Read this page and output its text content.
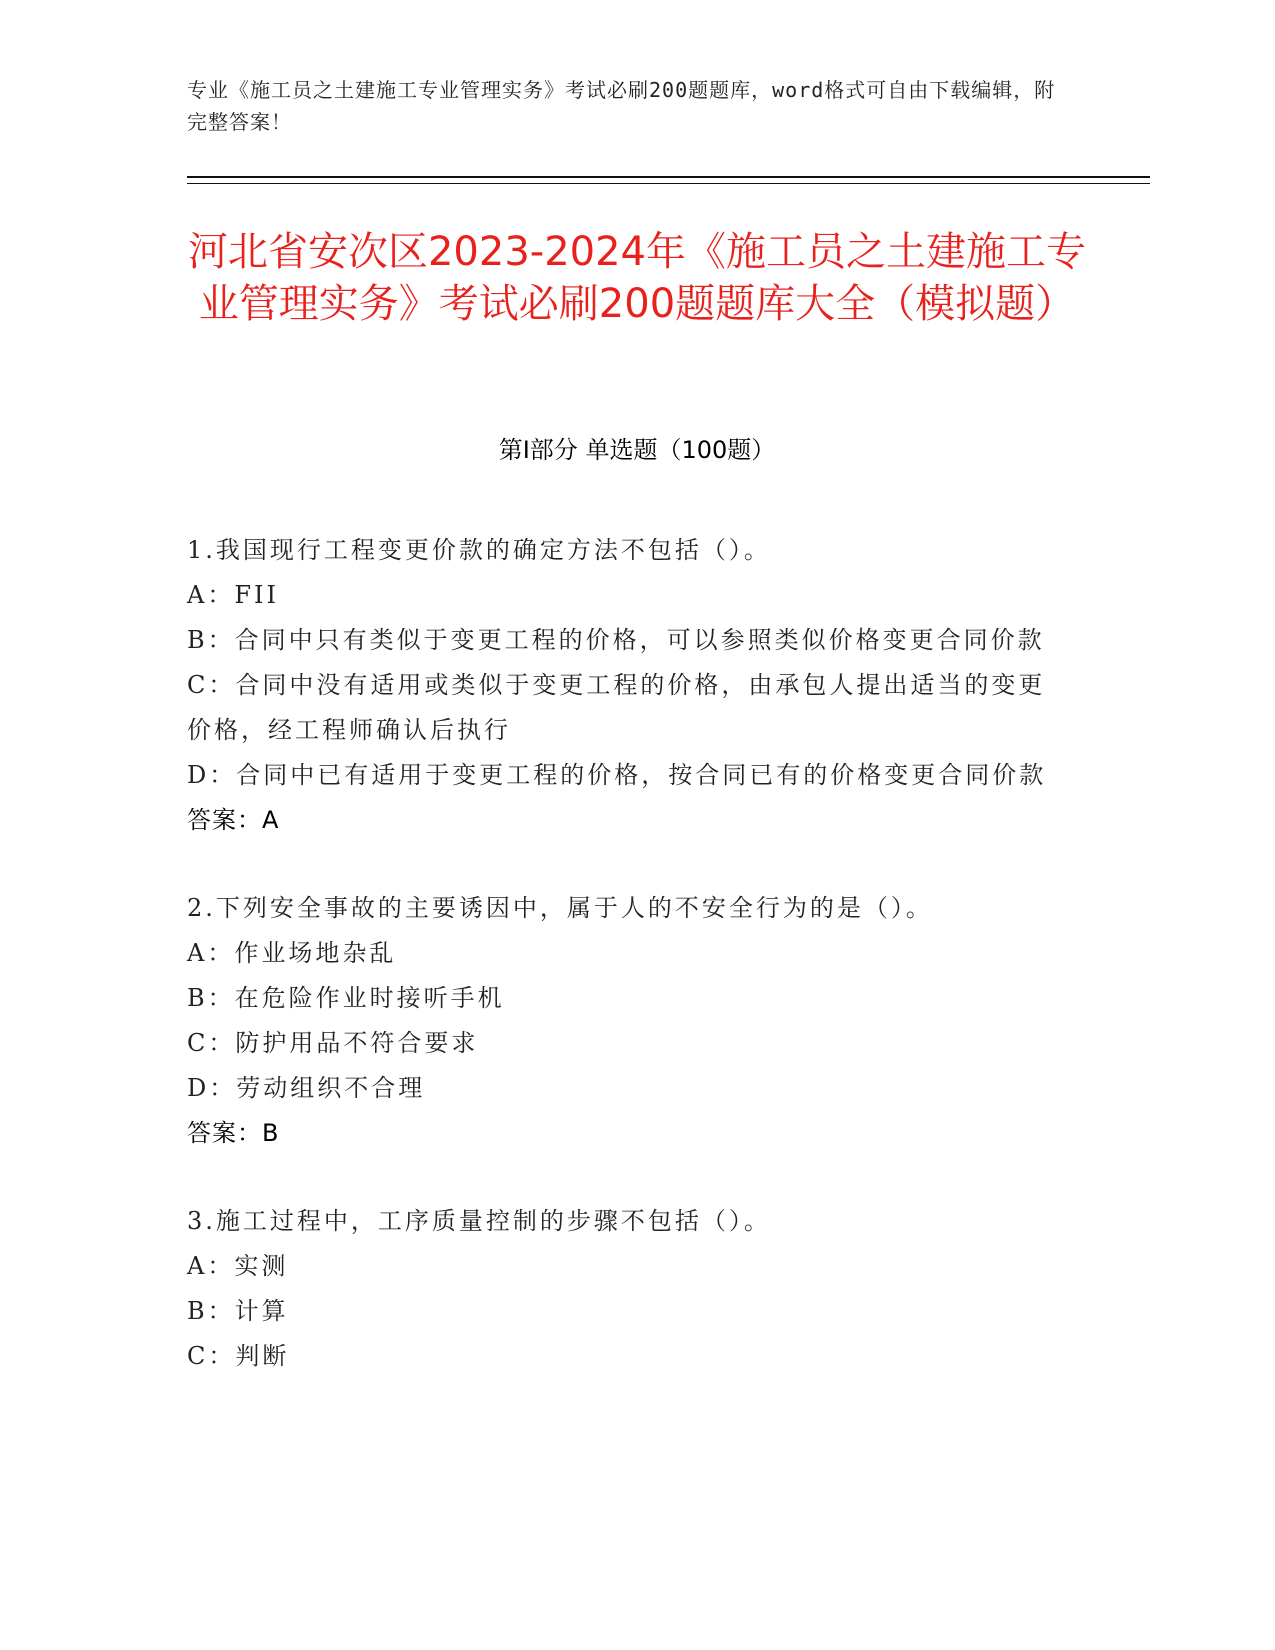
专业《施工员之土建施工专业管理实务》考试必刷200题题库，word格式可自由下载编辑，附完整答案！
河北省安次区2023-2024年《施工员之土建施工专业管理实务》考试必刷200题题库大全（模拟题）
第Ⅰ部分 单选题（100题）
1.我国现行工程变更价款的确定方法不包括（）。
A：FII
B：合同中只有类似于变更工程的价格，可以参照类似价格变更合同价款
C：合同中没有适用或类似于变更工程的价格，由承包人提出适当的变更价格，经工程师确认后执行
D：合同中已有适用于变更工程的价格，按合同已有的价格变更合同价款
答案：A
2.下列安全事故的主要诱因中，属于人的不安全行为的是（）。
A：作业场地杂乱
B：在危险作业时接听手机
C：防护用品不符合要求
D：劳动组织不合理
答案：B
3.施工过程中，工序质量控制的步骤不包括（）。
A：实测
B：计算
C：判断
